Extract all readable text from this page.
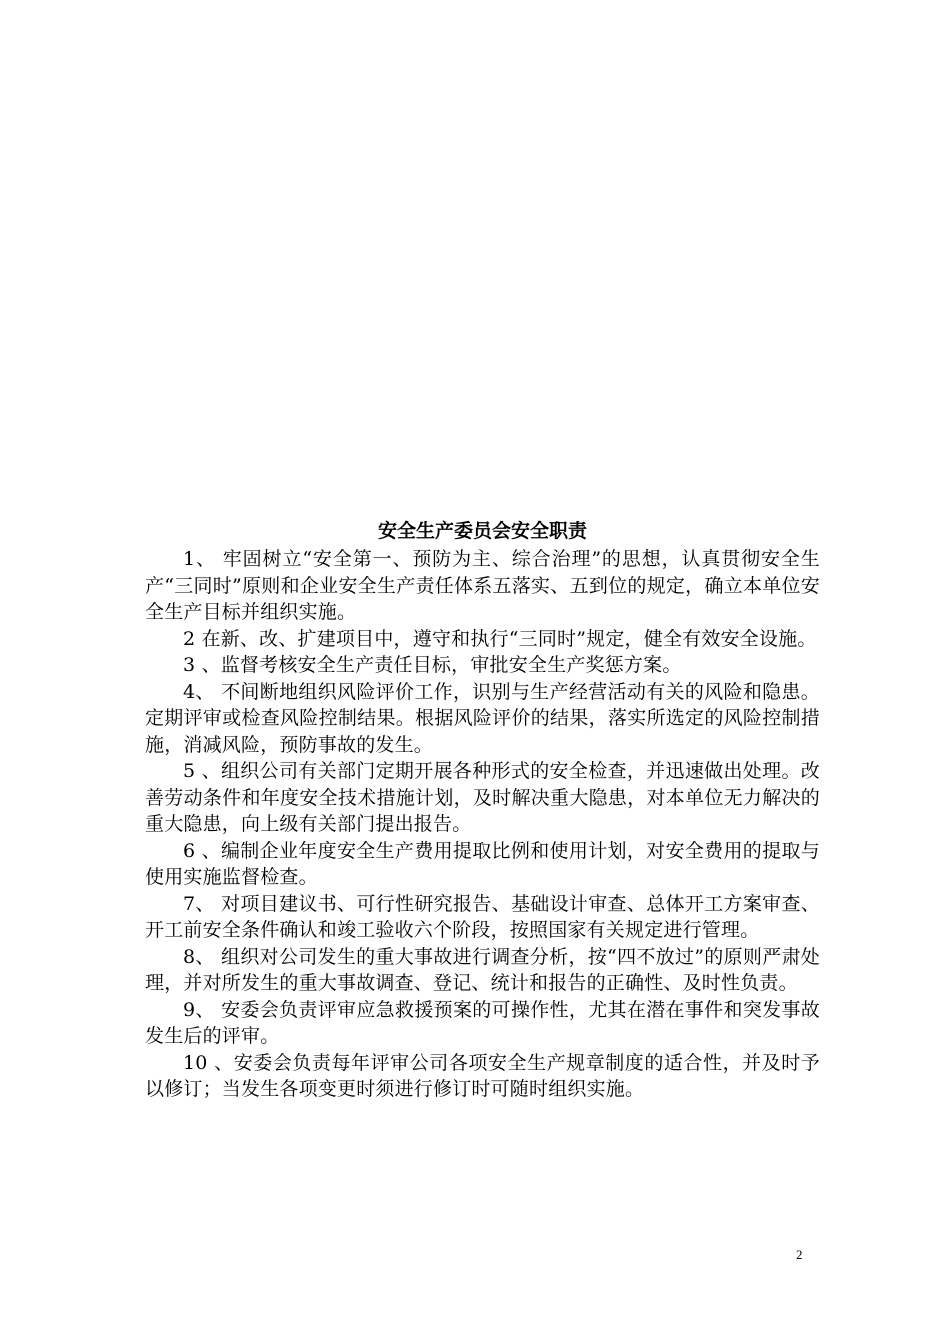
安全生产委员会安全职责

1、 牢固树立“安全第一、预防为主、综合治理”的思想，认真贯彻安全生产“三同时”原则和企业安全生产责任体系五落实、五到位的规定，确立本单位安全生产目标并组织实施。

2 在新、改、扩建项目中，遵守和执行“三同时”规定，健全有效安全设施。

3 、监督考核安全生产责任目标，审批安全生产奖惩方案。

4、 不间断地组织风险评价工作，识别与生产经营活动有关的风险和隐患。定期评审或检查风险控制结果。根据风险评价的结果，落实所选定的风险控制措施，消减风险，预防事故的发生。

5 、组织公司有关部门定期开展各种形式的安全检查，并迅速做出处理。改善劳动条件和年度安全技术措施计划，及时解决重大隐患，对本单位无力解决的重大隐患，向上级有关部门提出报告。

6 、编制企业年度安全生产费用提取比例和使用计划，对安全费用的提取与使用实施监督检查。

7、 对项目建议书、可行性研究报告、基础设计审查、总体开工方案审查、开工前安全条件确认和竣工验收六个阶段，按照国家有关规定进行管理。

8、 组织对公司发生的重大事故进行调查分析，按“四不放过”的原则严肃处理，并对所发生的重大事故调查、登记、统计和报告的正确性、及时性负责。

9、 安委会负责评审应急救援预案的可操作性，尤其在潜在事件和突发事故发生后的评审。

10 、安委会负责每年评审公司各项安全生产规章制度的适合性，并及时予以修订；当发生各项变更时须进行修订时可随时组织实施。

2
